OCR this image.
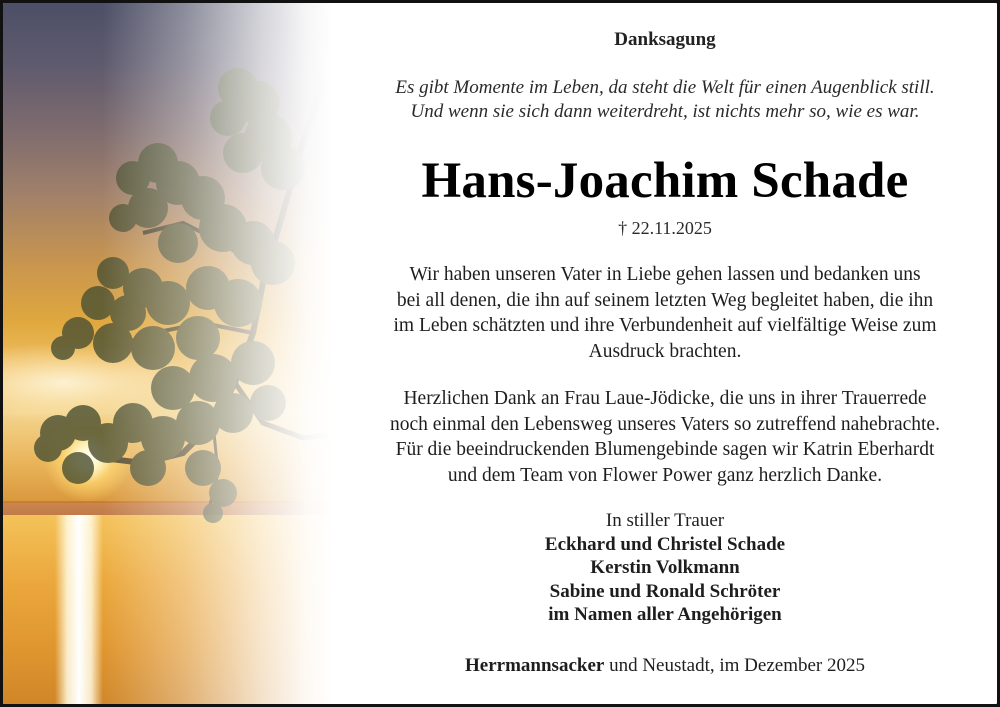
Danksagung
Es gibt Momente im Leben, da steht die Welt für einen Augenblick still.
Und wenn sie sich dann weiterdreht, ist nichts mehr so, wie es war.
Hans-Joachim Schade
† 22.11.2025
Wir haben unseren Vater in Liebe gehen lassen und bedanken uns
bei all denen, die ihn auf seinem letzten Weg begleitet haben, die ihn
im Leben schätzten und ihre Verbundenheit auf vielfältige Weise zum
Ausdruck brachten.
Herzlichen Dank an Frau Laue-Jödicke, die uns in ihrer Trauerrede
noch einmal den Lebensweg unseres Vaters so zutreffend nahebrachte.
Für die beeindruckenden Blumengebinde sagen wir Katrin Eberhardt
und dem Team von Flower Power ganz herzlich Danke.
In stiller Trauer
Eckhard und Christel Schade
Kerstin Volkmann
Sabine und Ronald Schröter
im Namen aller Angehörigen
Herrmannsacker und Neustadt, im Dezember 2025
